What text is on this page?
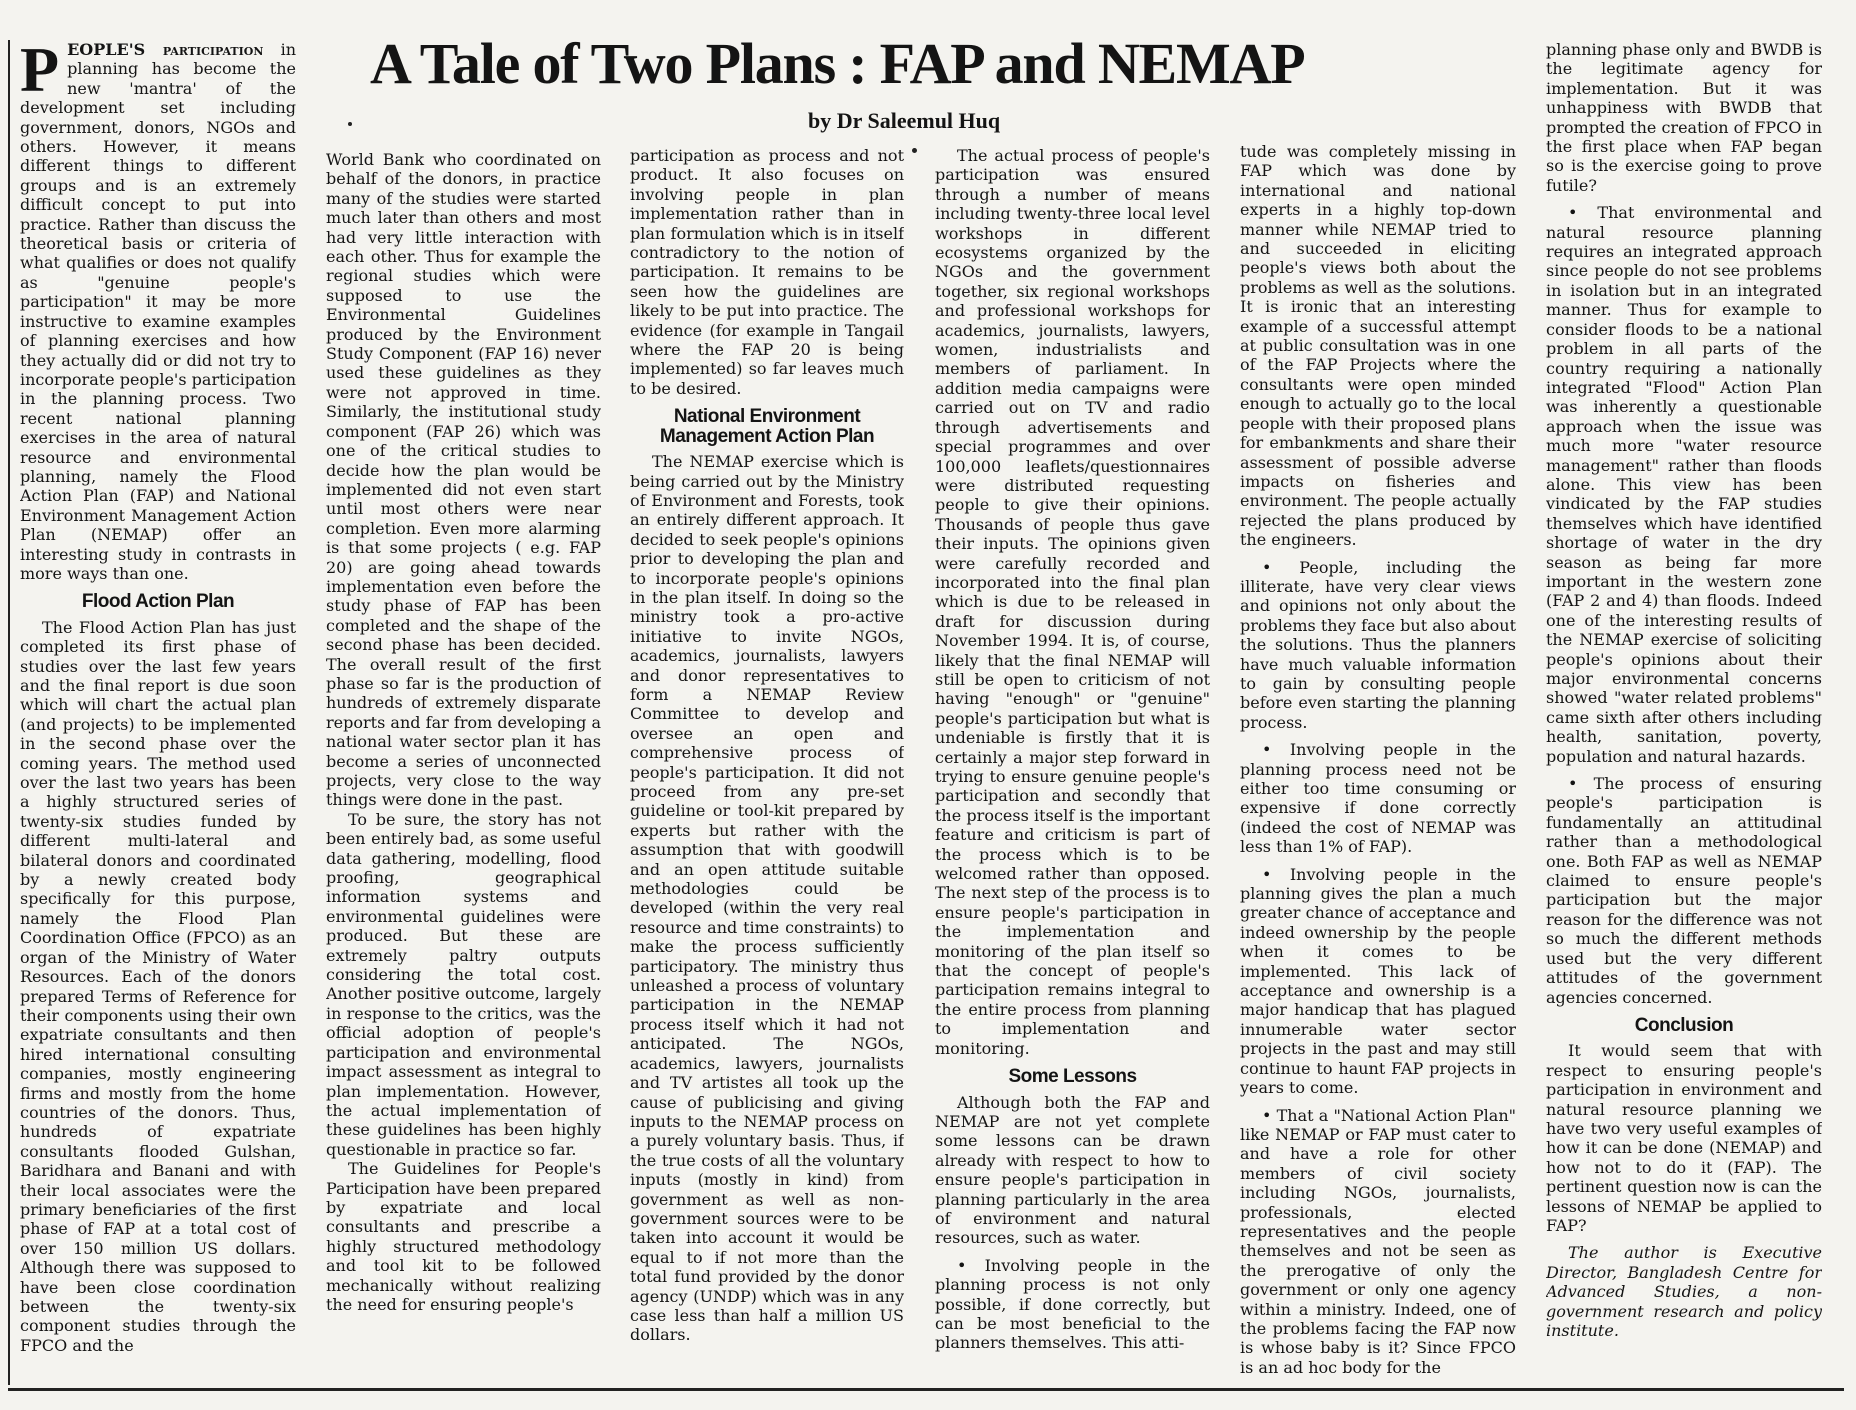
A Tale of Two Plans : FAP and NEMAP
by Dr Saleemul Huq

PEOPLE'S participation in planning has become the new 'mantra' of the development set including government, donors, NGOs and others. However, it means different things to different groups and is an extremely difficult concept to put into practice. Rather than discuss the theoretical basis or criteria of what qualifies or does not qualify as "genuine people's participation" it may be more instructive to examine examples of planning exercises and how they actually did or did not try to incorporate people's participation in the planning process. Two recent national planning exercises in the area of natural resource and environmental planning, namely the Flood Action Plan (FAP) and National Environment Management Action Plan (NEMAP) offer an interesting study in contrasts in more ways than one.

Flood Action Plan

The Flood Action Plan has just completed its first phase of studies over the last few years and the final report is due soon which will chart the actual plan (and projects) to be implemented in the second phase over the coming years. The method used over the last two years has been a highly structured series of twenty-six studies funded by different multi-lateral and bilateral donors and coordinated by a newly created body specifically for this purpose, namely the Flood Plan Coordination Office (FPCO) as an organ of the Ministry of Water Resources. Each of the donors prepared Terms of Reference for their components using their own expatriate consultants and then hired international consulting companies, mostly engineering firms and mostly from the home countries of the donors. Thus, hundreds of expatriate consultants flooded Gulshan, Baridhara and Banani and with their local associates were the primary beneficiaries of the first phase of FAP at a total cost of over 150 million US dollars. Although there was supposed to have been close coordination between the twenty-six component studies through the FPCO and the

World Bank who coordinated on behalf of the donors, in practice many of the studies were started much later than others and most had very little interaction with each other. Thus for example the regional studies which were supposed to use the Environmental Guidelines produced by the Environment Study Component (FAP 16) never used these guidelines as they were not approved in time. Similarly, the institutional study component (FAP 26) which was one of the critical studies to decide how the plan would be implemented did not even start until most others were near completion. Even more alarming is that some projects ( e.g. FAP 20) are going ahead towards implementation even before the study phase of FAP has been completed and the shape of the second phase has been decided. The overall result of the first phase so far is the production of hundreds of extremely disparate reports and far from developing a national water sector plan it has become a series of unconnected projects, very close to the way things were done in the past.

To be sure, the story has not been entirely bad, as some useful data gathering, modelling, flood proofing, geographical information systems and environmental guidelines were produced. But these are extremely paltry outputs considering the total cost. Another positive outcome, largely in response to the critics, was the official adoption of people's participation and environmental impact assessment as integral to plan implementation. However, the actual implementation of these guidelines has been highly questionable in practice so far.

The Guidelines for People's Participation have been prepared by expatriate and local consultants and prescribe a highly structured methodology and tool kit to be followed mechanically without realizing the need for ensuring people's

participation as process and not product. It also focuses on involving people in plan implementation rather than in plan formulation which is in itself contradictory to the notion of participation. It remains to be seen how the guidelines are likely to be put into practice. The evidence (for example in Tangail where the FAP 20 is being implemented) so far leaves much to be desired.

National Environment Management Action Plan

The NEMAP exercise which is being carried out by the Ministry of Environment and Forests, took an entirely different approach. It decided to seek people's opinions prior to developing the plan and to incorporate people's opinions in the plan itself. In doing so the ministry took a pro-active initiative to invite NGOs, academics, journalists, lawyers and donor representatives to form a NEMAP Review Committee to develop and oversee an open and comprehensive process of people's participation. It did not proceed from any pre-set guideline or tool-kit prepared by experts but rather with the assumption that with goodwill and an open attitude suitable methodologies could be developed (within the very real resource and time constraints) to make the process sufficiently participatory. The ministry thus unleashed a process of voluntary participation in the NEMAP process itself which it had not anticipated. The NGOs, academics, lawyers, journalists and TV artistes all took up the cause of publicising and giving inputs to the NEMAP process on a purely voluntary basis. Thus, if the true costs of all the voluntary inputs (mostly in kind) from government as well as non-government sources were to be taken into account it would be equal to if not more than the total fund provided by the donor agency (UNDP) which was in any case less than half a million US dollars.

The actual process of people's participation was ensured through a number of means including twenty-three local level workshops in different ecosystems organized by the NGOs and the government together, six regional workshops and professional workshops for academics, journalists, lawyers, women, industrialists and members of parliament. In addition media campaigns were carried out on TV and radio through advertisements and special programmes and over 100,000 leaflets/questionnaires were distributed requesting people to give their opinions. Thousands of people thus gave their inputs. The opinions given were carefully recorded and incorporated into the final plan which is due to be released in draft for discussion during November 1994. It is, of course, likely that the final NEMAP will still be open to criticism of not having "enough" or "genuine" people's participation but what is undeniable is firstly that it is certainly a major step forward in trying to ensure genuine people's participation and secondly that the process itself is the important feature and criticism is part of the process which is to be welcomed rather than opposed. The next step of the process is to ensure people's participation in the implementation and monitoring of the plan itself so that the concept of people's participation remains integral to the entire process from planning to implementation and monitoring.

Some Lessons

Although both the FAP and NEMAP are not yet complete some lessons can be drawn already with respect to how to ensure people's participation in planning particularly in the area of environment and natural resources, such as water.

• Involving people in the planning process is not only possible, if done correctly, but can be most beneficial to the planners themselves. This atti-

tude was completely missing in FAP which was done by international and national experts in a highly top-down manner while NEMAP tried to and succeeded in eliciting people's views both about the problems as well as the solutions. It is ironic that an interesting example of a successful attempt at public consultation was in one of the FAP Projects where the consultants were open minded enough to actually go to the local people with their proposed plans for embankments and share their assessment of possible adverse impacts on fisheries and environment. The people actually rejected the plans produced by the engineers.

• People, including the illiterate, have very clear views and opinions not only about the problems they face but also about the solutions. Thus the planners have much valuable information to gain by consulting people before even starting the planning process.

• Involving people in the planning process need not be either too time consuming or expensive if done correctly (indeed the cost of NEMAP was less than 1% of FAP).

• Involving people in the planning gives the plan a much greater chance of acceptance and indeed ownership by the people when it comes to be implemented. This lack of acceptance and ownership is a major handicap that has plagued innumerable water sector projects in the past and may still continue to haunt FAP projects in years to come.

• That a "National Action Plan" like NEMAP or FAP must cater to and have a role for other members of civil society including NGOs, journalists, professionals, elected representatives and the people themselves and not be seen as the prerogative of only the government or only one agency within a ministry. Indeed, one of the problems facing the FAP now is whose baby is it? Since FPCO is an ad hoc body for the

planning phase only and BWDB is the legitimate agency for implementation. But it was unhappiness with BWDB that prompted the creation of FPCO in the first place when FAP began so is the exercise going to prove futile?

• That environmental and natural resource planning requires an integrated approach since people do not see problems in isolation but in an integrated manner. Thus for example to consider floods to be a national problem in all parts of the country requiring a nationally integrated "Flood" Action Plan was inherently a questionable approach when the issue was much more "water resource management" rather than floods alone. This view has been vindicated by the FAP studies themselves which have identified shortage of water in the dry season as being far more important in the western zone (FAP 2 and 4) than floods. Indeed one of the interesting results of the NEMAP exercise of soliciting people's opinions about their major environmental concerns showed "water related problems" came sixth after others including health, sanitation, poverty, population and natural hazards.

• The process of ensuring people's participation is fundamentally an attitudinal rather than a methodological one. Both FAP as well as NEMAP claimed to ensure people's participation but the major reason for the difference was not so much the different methods used but the very different attitudes of the government agencies concerned.

Conclusion

It would seem that with respect to ensuring people's participation in environment and natural resource planning we have two very useful examples of how it can be done (NEMAP) and how not to do it (FAP). The pertinent question now is can the lessons of NEMAP be applied to FAP?

The author is Executive Director, Bangladesh Centre for Advanced Studies, a non-government research and policy institute.
